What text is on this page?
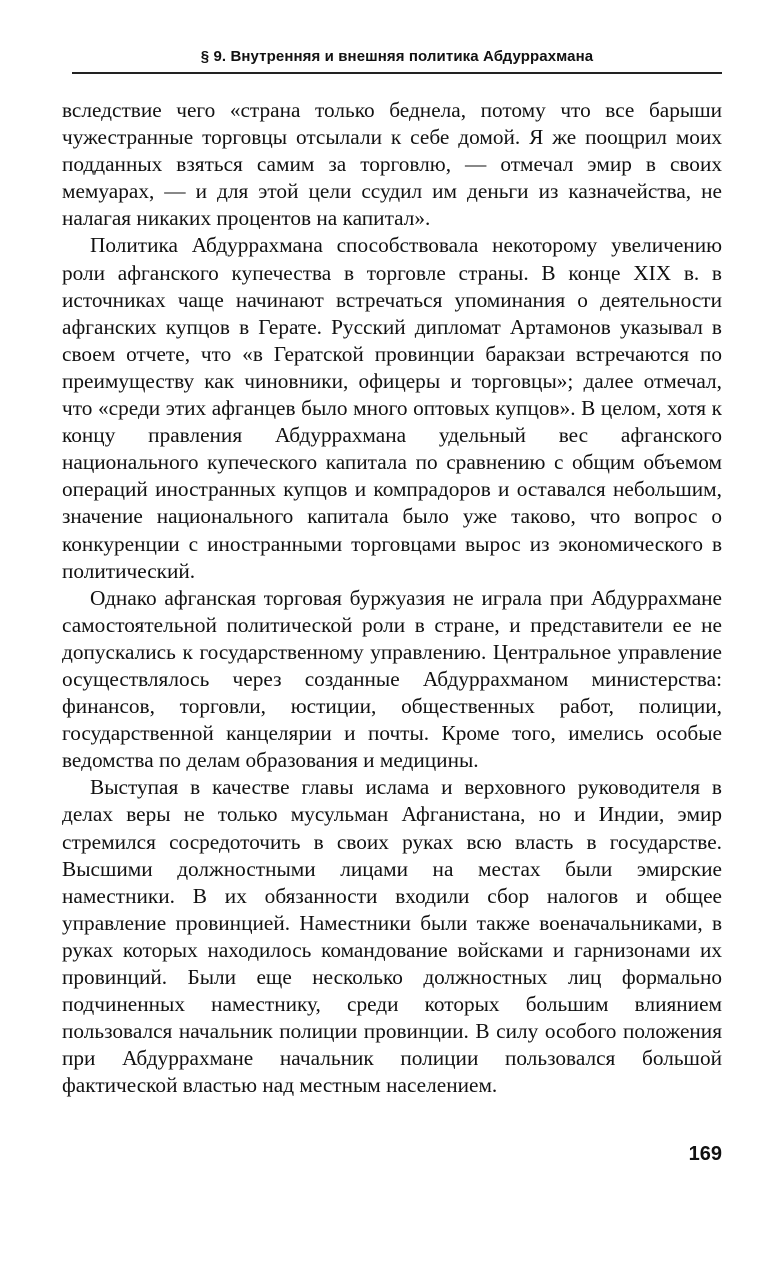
§ 9. Внутренняя и внешняя политика Абдуррахмана

вследствие чего «страна только беднела, потому что все барыши чужестранные торговцы отсылали к себе домой. Я же поощрил моих подданных взяться самим за торговлю, — отмечал эмир в своих мемуарах, — и для этой цели ссудил им деньги из казначейства, не налагая никаких процентов на капитал».

Политика Абдуррахмана способствовала некоторому увеличению роли афганского купечества в торговле страны. В конце XIX в. в источниках чаще начинают встречаться упоминания о деятельности афганских купцов в Герате. Русский дипломат Артамонов указывал в своем отчете, что «в Гератской провинции баракзаи встречаются по преимуществу как чиновники, офицеры и торговцы»; далее отмечал, что «среди этих афганцев было много оптовых купцов». В целом, хотя к концу правления Абдуррахмана удельный вес афганского национального купеческого капитала по сравнению с общим объемом операций иностранных купцов и компрадоров и оставался небольшим, значение национального капитала было уже таково, что вопрос о конкуренции с иностранными торговцами вырос из экономического в политический.

Однако афганская торговая буржуазия не играла при Абдуррахмане самостоятельной политической роли в стране, и представители ее не допускались к государственному управлению. Центральное управление осуществлялось через созданные Абдуррахманом министерства: финансов, торговли, юстиции, общественных работ, полиции, государственной канцелярии и почты. Кроме того, имелись особые ведомства по делам образования и медицины.

Выступая в качестве главы ислама и верховного руководителя в делах веры не только мусульман Афганистана, но и Индии, эмир стремился сосредоточить в своих руках всю власть в государстве. Высшими должностными лицами на местах были эмирские наместники. В их обязанности входили сбор налогов и общее управление провинцией. Наместники были также военачальниками, в руках которых находилось командование войсками и гарнизонами их провинций. Были еще несколько должностных лиц формально подчиненных наместнику, среди которых большим влиянием пользовался начальник полиции провинции. В силу особого положения при Абдуррахмане начальник полиции пользовался большой фактической властью над местным населением.

169
